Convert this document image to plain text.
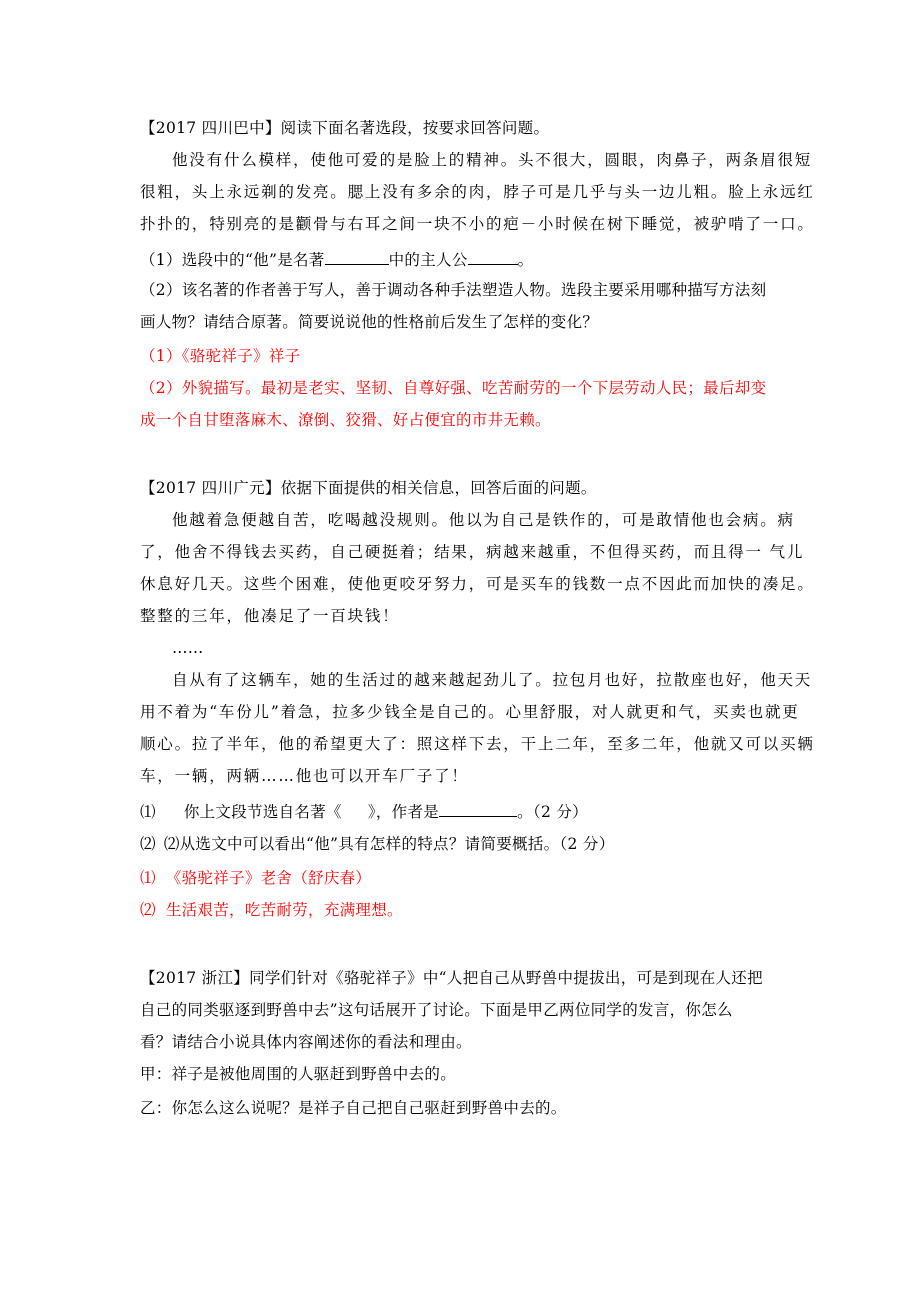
【2017 四川巴中】阅读下面名著选段，按要求回答问题。
他没有什么模样，使他可爱的是脸上的精神。头不很大，圆眼，肉鼻子，两条眉很短
很粗，头上永远剃的发亮。腮上没有多余的肉，脖子可是几乎与头一边儿粗。脸上永远红
扑扑的，特别亮的是颧骨与右耳之间一块不小的疤－小时候在树下睡觉，被驴啃了一口。
（1）选段中的“他”是名著	中的主人公	。
（2）该名著的作者善于写人，善于调动各种手法塑造人物。选段主要采用哪种描写方法刻
画人物？请结合原著。简要说说他的性格前后发生了怎样的变化？
（1）《骆驼祥子》祥子
（2）外貌描写。最初是老实、坚韧、自尊好强、吃苦耐劳的一个下层劳动人民；最后却变
成一个自甘堕落麻木、潦倒、狡猾、好占便宜的市井无赖。
【2017 四川广元】依据下面提供的相关信息，回答后面的问题。
他越着急便越自苦，吃喝越没规则。他以为自己是铁作的，可是敢情他也会病。病
了，他舍不得钱去买药，自己硬挺着；结果，病越来越重，不但得买药，而且得一 气儿
休息好几天。这些个困难，使他更咬牙努力，可是买车的钱数一点不因此而加快的凑足。
整整的三年，他凑足了一百块钱！
……
自从有了这辆车，她的生活过的越来越起劲儿了。拉包月也好，拉散座也好，他天天
用不着为“车份儿”着急，拉多少钱全是自己的。心里舒服，对人就更和气，买卖也就更
顺心。拉了半年，他的希望更大了：照这样下去，干上二年，至多二年，他就又可以买辆
车，一辆，两辆……他也可以开车厂子了！
⑴ 你上文段节选自名著《 》，作者是	。（2 分）
⑵ ⑵从选文中可以看出“他”具有怎样的特点？请简要概括。（2 分）
⑴ 《骆驼祥子》老舍（舒庆春）
⑵ 生活艰苦，吃苦耐劳，充满理想。
【2017 浙江】同学们针对《骆驼祥子》中“人把自己从野兽中提拔出，可是到现在人还把
自己的同类驱逐到野兽中去”这句话展开了讨论。下面是甲乙两位同学的发言，你怎么
看？请结合小说具体内容阐述你的看法和理由。
甲：祥子是被他周围的人驱赶到野兽中去的。
乙：你怎么这么说呢？是祥子自己把自己驱赶到野兽中去的。
